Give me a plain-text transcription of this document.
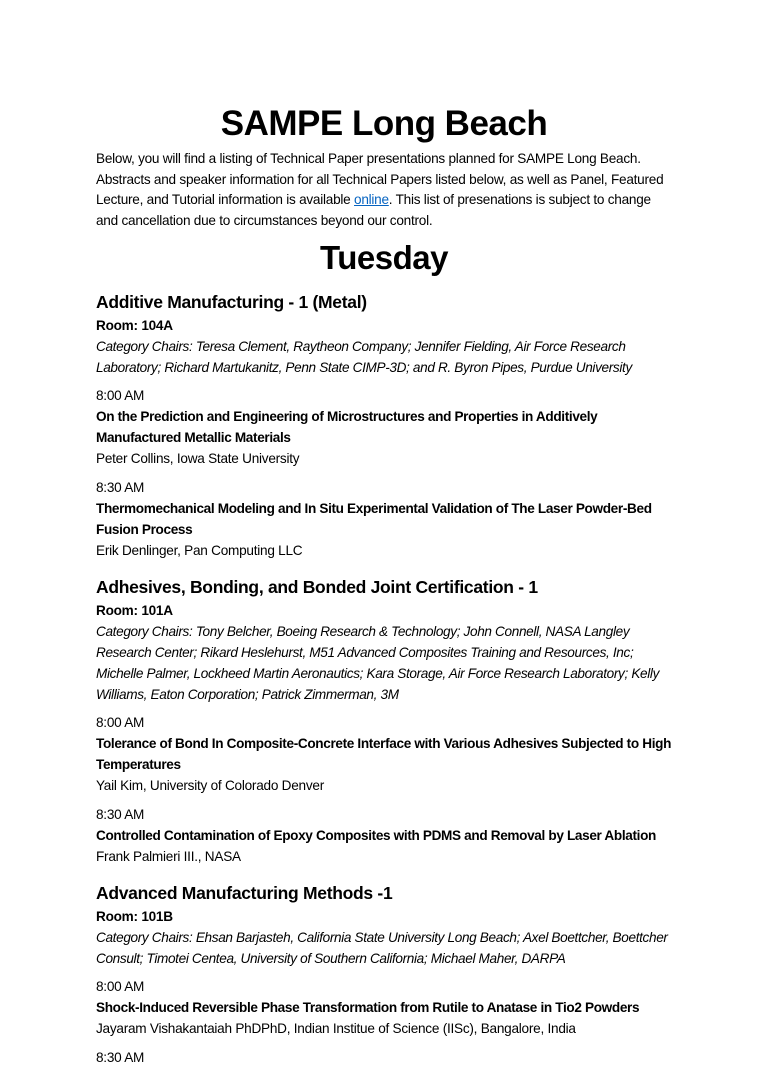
SAMPE Long Beach

Below, you will find a listing of Technical Paper presentations planned for SAMPE Long Beach. Abstracts and speaker information for all Technical Papers listed below, as well as Panel, Featured Lecture, and Tutorial information is available online. This list of presenations is subject to change and cancellation due to circumstances beyond our control.

Tuesday
Additive Manufacturing - 1 (Metal)
Room: 104A
Category Chairs: Teresa Clement, Raytheon Company; Jennifer Fielding, Air Force Research Laboratory; Richard Martukanitz, Penn State CIMP-3D; and R. Byron Pipes, Purdue University
8:00 AM
On the Prediction and Engineering of Microstructures and Properties in Additively Manufactured Metallic Materials
Peter Collins, Iowa State University
8:30 AM
Thermomechanical Modeling and In Situ Experimental Validation of The Laser Powder-Bed Fusion Process
Erik Denlinger, Pan Computing LLC
Adhesives, Bonding, and Bonded Joint Certification - 1
Room: 101A
Category Chairs: Tony Belcher, Boeing Research & Technology; John Connell, NASA Langley Research Center; Rikard Heslehurst, M51 Advanced Composites Training and Resources, Inc; Michelle Palmer, Lockheed Martin Aeronautics; Kara Storage, Air Force Research Laboratory; Kelly Williams, Eaton Corporation; Patrick Zimmerman, 3M
8:00 AM
Tolerance of Bond In Composite-Concrete Interface with Various Adhesives Subjected to High Temperatures
Yail Kim, University of Colorado Denver
8:30 AM
Controlled Contamination of Epoxy Composites with PDMS and Removal by Laser Ablation
Frank Palmieri III., NASA
Advanced Manufacturing Methods -1
Room: 101B
Category Chairs: Ehsan Barjasteh, California State University Long Beach; Axel Boettcher, Boettcher Consult; Timotei Centea, University of Southern California; Michael Maher, DARPA
8:00 AM
Shock-Induced Reversible Phase Transformation from Rutile to Anatase in Tio2 Powders
Jayaram Vishakantaiah PhDPhD, Indian Institue of Science (IISc), Bangalore, India
8:30 AM
